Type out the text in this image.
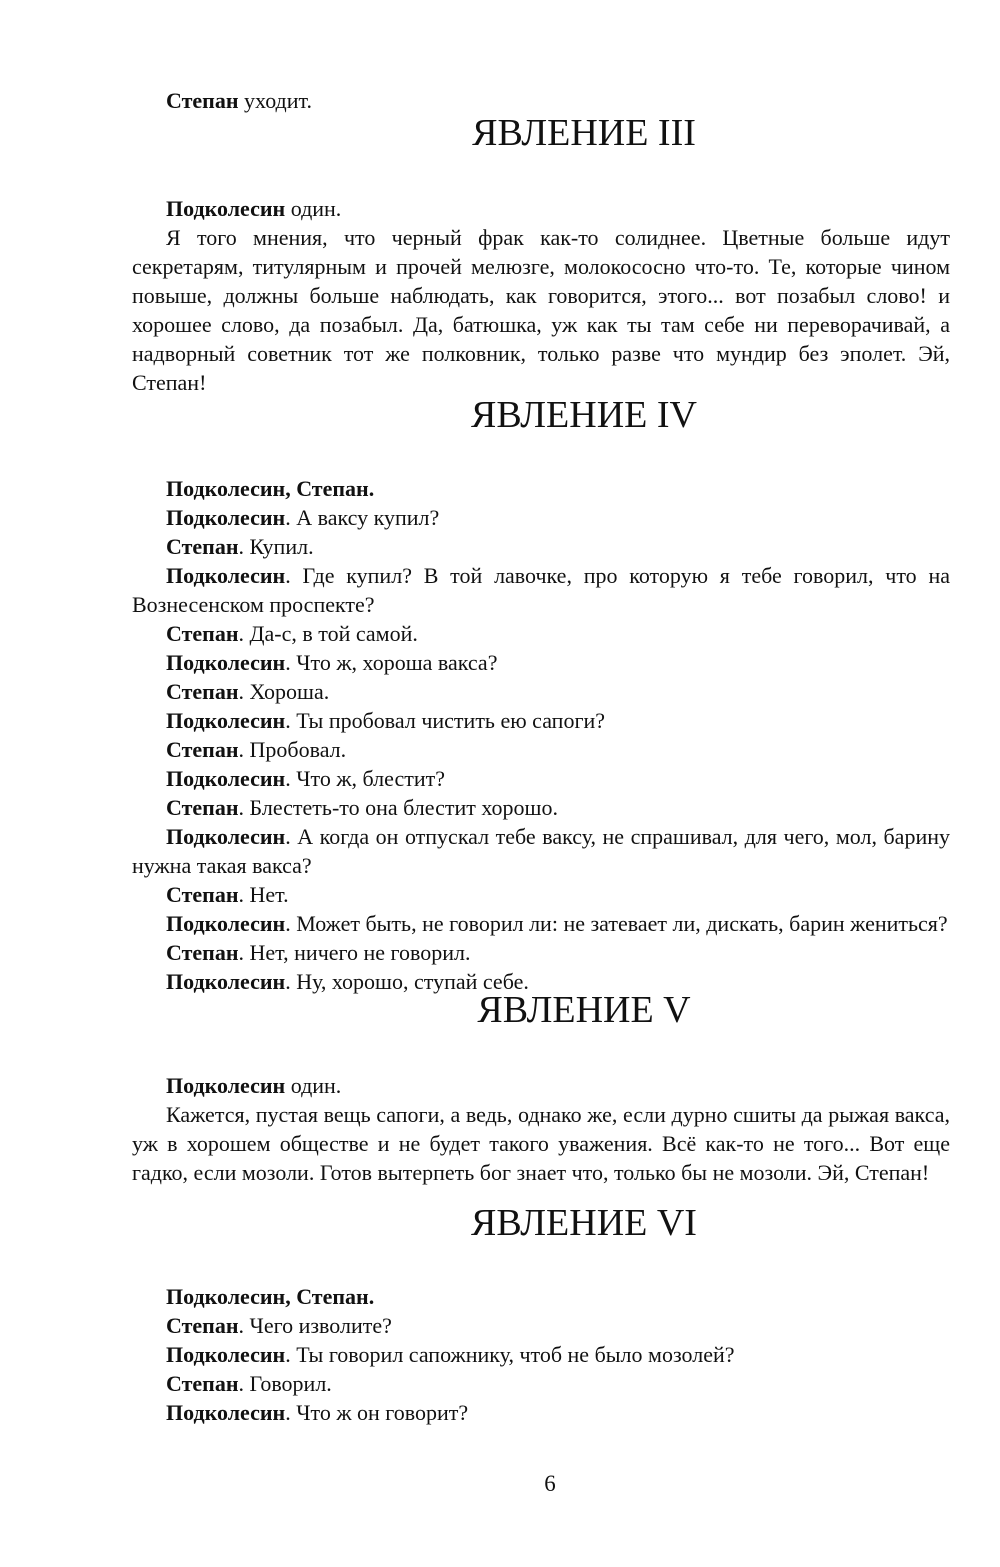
Степан уходит.

ЯВЛЕНИЕ III

Подколесин один.

Я того мнения, что черный фрак как-то солиднее. Цветные больше идут секретарям, титулярным и прочей мелюзге, молокососно что-то. Те, которые чином повыше, должны больше наблюдать, как говорится, этого... вот позабыл слово! и хорошее слово, да позабыл. Да, батюшка, уж как ты там себе ни переворачивай, а надворный советник тот же полковник, только разве что мундир без эполет. Эй, Степан!

ЯВЛЕНИЕ IV

Подколесин, Степан.

Подколесин. А ваксу купил?

Степан. Купил.

Подколесин. Где купил? В той лавочке, про которую я тебе говорил, что на Вознесенском проспекте?

Степан. Да-с, в той самой.

Подколесин. Что ж, хороша вакса?

Степан. Хороша.

Подколесин. Ты пробовал чистить ею сапоги?

Степан. Пробовал.

Подколесин. Что ж, блестит?

Степан. Блестеть-то она блестит хорошо.

Подколесин. А когда он отпускал тебе ваксу, не спрашивал, для чего, мол, барину нужна такая вакса?

Степан. Нет.

Подколесин. Может быть, не говорил ли: не затевает ли, дискать, барин жениться?

Степан. Нет, ничего не говорил.

Подколесин. Ну, хорошо, ступай себе.

ЯВЛЕНИЕ V

Подколесин один.

Кажется, пустая вещь сапоги, а ведь, однако же, если дурно сшиты да рыжая вакса, уж в хорошем обществе и не будет такого уважения. Всё как-то не того... Вот еще гадко, если мозоли. Готов вытерпеть бог знает что, только бы не мозоли. Эй, Степан!

ЯВЛЕНИЕ VI

Подколесин, Степан.

Степан. Чего изволите?

Подколесин. Ты говорил сапожнику, чтоб не было мозолей?

Степан. Говорил.

Подколесин. Что ж он говорит?

6
